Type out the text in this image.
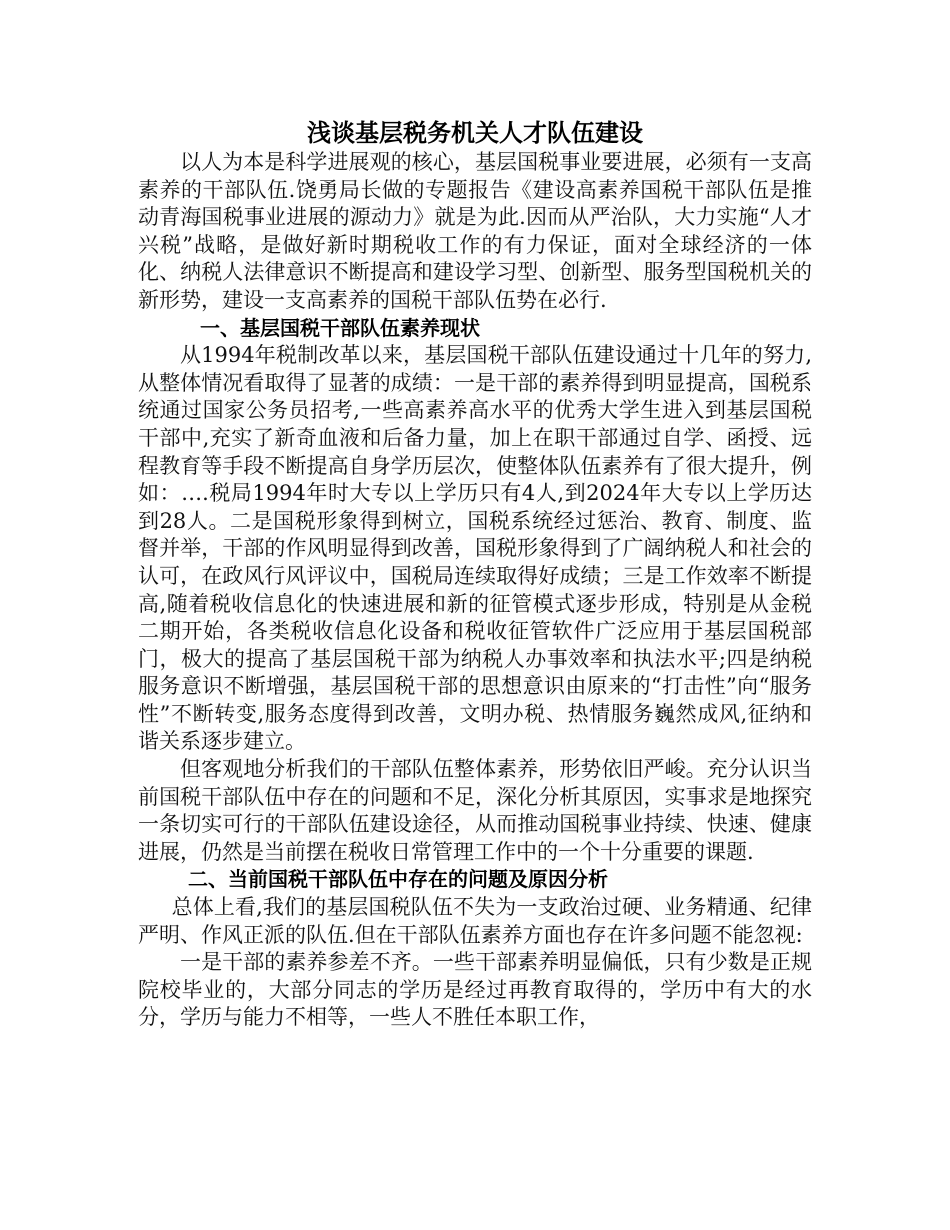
浅谈基层税务机关人才队伍建设

以人为本是科学进展观的核心，基层国税事业要进展，必须有一支高素养的干部队伍.饶勇局长做的专题报告《建设高素养国税干部队伍是推动青海国税事业进展的源动力》就是为此.因而从严治队，大力实施“人才兴税”战略，是做好新时期税收工作的有力保证，面对全球经济的一体化、纳税人法律意识不断提高和建设学习型、创新型、服务型国税机关的新形势，建设一支高素养的国税干部队伍势在必行.

一、基层国税干部队伍素养现状

从1994年税制改革以来，基层国税干部队伍建设通过十几年的努力,从整体情况看取得了显著的成绩：一是干部的素养得到明显提高，国税系统通过国家公务员招考,一些高素养高水平的优秀大学生进入到基层国税干部中,充实了新奇血液和后备力量，加上在职干部通过自学、函授、远程教育等手段不断提高自身学历层次，使整体队伍素养有了很大提升，例如：….税局1994年时大专以上学历只有4人,到2024年大专以上学历达到28人。二是国税形象得到树立，国税系统经过惩治、教育、制度、监督并举，干部的作风明显得到改善，国税形象得到了广阔纳税人和社会的认可，在政风行风评议中，国税局连续取得好成绩；三是工作效率不断提高,随着税收信息化的快速进展和新的征管模式逐步形成，特别是从金税二期开始，各类税收信息化设备和税收征管软件广泛应用于基层国税部门，极大的提高了基层国税干部为纳税人办事效率和执法水平;四是纳税服务意识不断增强，基层国税干部的思想意识由原来的“打击性”向“服务性”不断转变,服务态度得到改善，文明办税、热情服务巍然成风,征纳和谐关系逐步建立。

但客观地分析我们的干部队伍整体素养，形势依旧严峻。充分认识当前国税干部队伍中存在的问题和不足，深化分析其原因，实事求是地探究一条切实可行的干部队伍建设途径，从而推动国税事业持续、快速、健康进展，仍然是当前摆在税收日常管理工作中的一个十分重要的课题.

二、当前国税干部队伍中存在的问题及原因分析

总体上看,我们的基层国税队伍不失为一支政治过硬、业务精通、纪律严明、作风正派的队伍.但在干部队伍素养方面也存在许多问题不能忽视:

一是干部的素养参差不齐。一些干部素养明显偏低，只有少数是正规院校毕业的，大部分同志的学历是经过再教育取得的，学历中有大的水分，学历与能力不相等，一些人不胜任本职工作，
